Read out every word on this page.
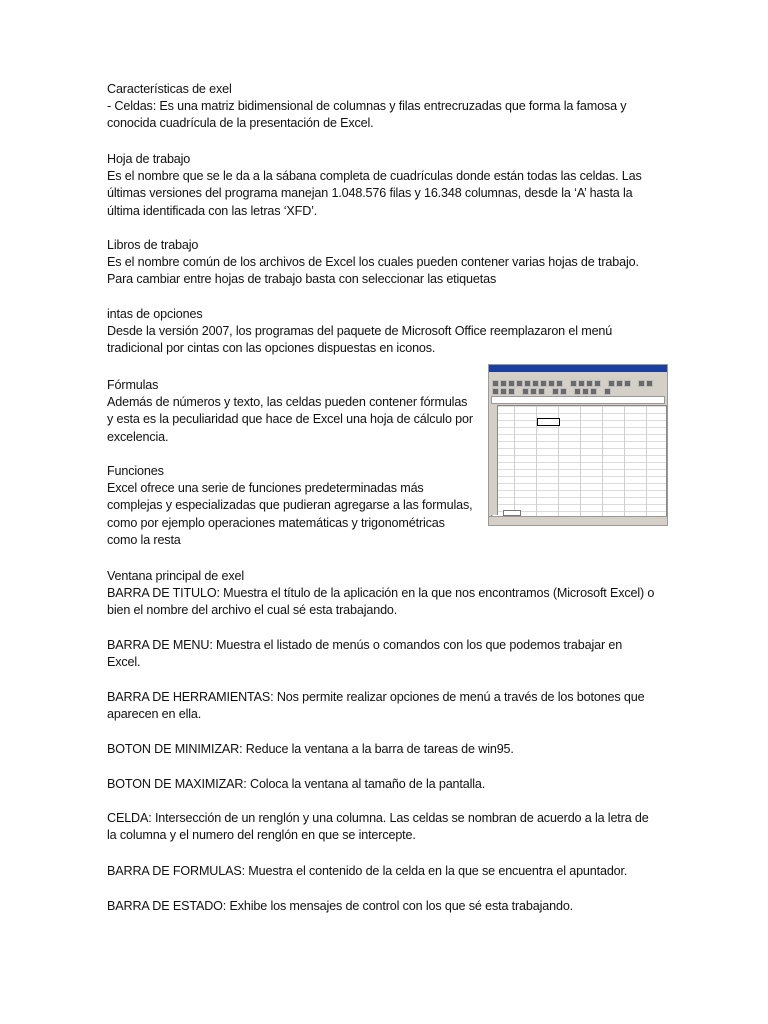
Características de exel
- Celdas: Es una matriz bidimensional de columnas y filas entrecruzadas que forma la famosa y
conocida cuadrícula de la presentación de Excel.
Hoja de trabajo
Es el nombre que se le da a la sábana completa de cuadrículas donde están todas las celdas. Las
últimas versiones del programa manejan 1.048.576 filas y 16.348 columnas, desde la ‘A’ hasta la
última identificada con las letras ‘XFD’.
Libros de trabajo
Es el nombre común de los archivos de Excel los cuales pueden contener varias hojas de trabajo.
Para cambiar entre hojas de trabajo basta con seleccionar las etiquetas
intas de opciones
Desde la versión 2007, los programas del paquete de Microsoft Office reemplazaron el menú
tradicional por cintas con las opciones dispuestas en iconos.
Fórmulas
Además de números y texto, las celdas pueden contener fórmulas
y esta es la peculiaridad que hace de Excel una hoja de cálculo por
excelencia.
Funciones
Excel ofrece una serie de funciones predeterminadas más
complejas y especializadas que pudieran agregarse a las formulas,
como por ejemplo operaciones matemáticas y trigonométricas
como la resta
Ventana principal de exel
BARRA DE TITULO: Muestra el título de la aplicación en la que nos encontramos (Microsoft Excel) o
bien el nombre del archivo el cual sé esta trabajando.
BARRA DE MENU: Muestra el listado de menús o comandos con los que podemos trabajar en
Excel.
BARRA DE HERRAMIENTAS: Nos permite realizar opciones de menú a través de los botones que
aparecen en ella.
BOTON DE MINIMIZAR: Reduce la ventana a la barra de tareas de win95.
BOTON DE MAXIMIZAR: Coloca la ventana al tamaño de la pantalla.
CELDA: Intersección de un renglón y una columna. Las celdas se nombran de acuerdo a la letra de
la columna y el numero del renglón en que se intercepte.
BARRA DE FORMULAS: Muestra el contenido de la celda en la que se encuentra el apuntador.
BARRA DE ESTADO: Exhibe los mensajes de control con los que sé esta trabajando.
